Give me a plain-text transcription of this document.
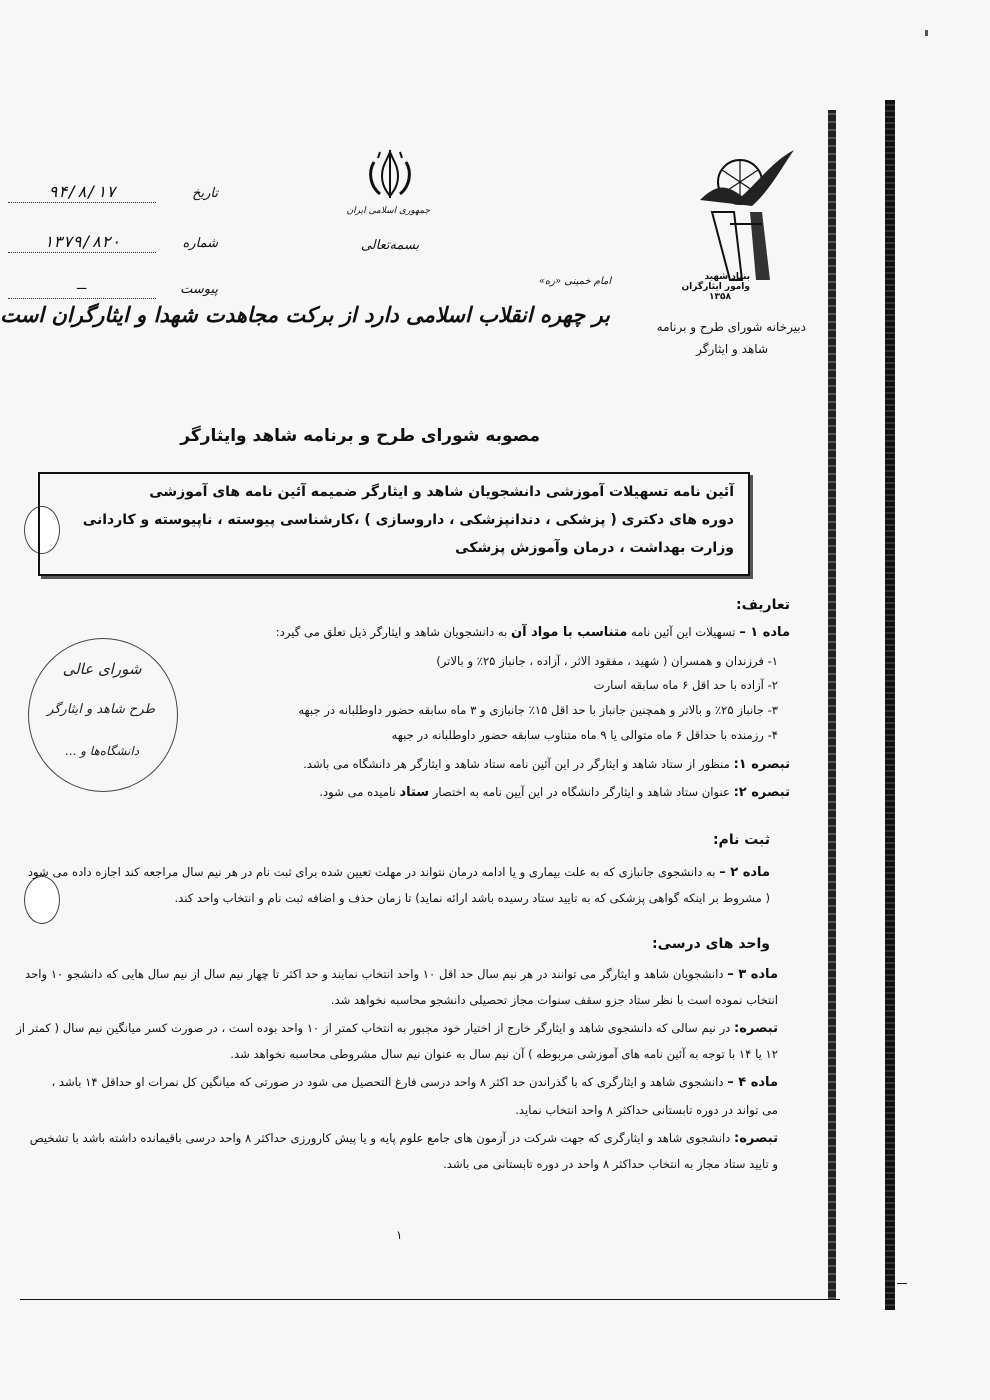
تاریخ
۹۴/۸/۱۷
شماره
۱۳۷۹/۸۲۰
پیوست
—
جمهوری اسلامی ایران
بسمه‌تعالی
امام خمینی «ره»
بر چهره انقلاب اسلامی دارد از برکت مجاهدت شهدا و ایثارگران است
بنیاد شهید
وامور ایثارگران
۱۳۵۸
دبیرخانه شورای طرح و برنامه
شاهد و ایثارگر
مصوبه شورای طرح و برنامه شاهد وایثارگر
آئین نامه تسهیلات آموزشی دانشجویان شاهد و ایثارگر ضمیمه آئین نامه های آموزشی
دوره های دکتری ( پزشکی ، دندانپزشکی ، داروسازی ) ،کارشناسی پیوسته ، ناپیوسته و کاردانی
وزارت بهداشت ، درمان وآموزش پزشکی
تعاریف:
ماده ۱ – تسهیلات این آئین نامه متناسب با مواد آن به دانشجویان شاهد و ایثارگر ذیل تعلق می گیرد:
۱- فرزندان و همسران ( شهید ، مفقود الاثر ، آزاده ، جانباز ۲۵٪ و بالاتر)
۲- آزاده با حد اقل ۶ ماه سابقه اسارت
۳- جانباز ۲۵٪ و بالاتر و همچنین جانباز با حد اقل ۱۵٪ جانبازی و ۳ ماه سابقه حضور داوطلبانه در جبهه
۴- رزمنده با حداقل ۶ ماه متوالی یا ۹ ماه متناوب سابقه حضور داوطلبانه در جبهه
تبصره ۱: منظور از ستاد شاهد و ایثارگر در این آئین نامه ستاد شاهد و ایثارگر هر دانشگاه می باشد.
تبصره ۲: عنوان ستاد شاهد و ایثارگر دانشگاه در این آیین نامه به اختصار ستاد نامیده می شود.
شورای عالی
طرح شاهد و ایثارگر
دانشگاه‌ها و ...
ثبت نام:
ماده ۲ – به دانشجوی جانبازی که به علت بیماری و یا ادامه درمان نتواند در مهلت تعیین شده برای ثبت نام در هر نیم سال مراجعه کند اجازه داده می شود
( مشروط بر اینکه گواهی پزشکی که به تایید ستاد رسیده باشد ارائه نماید) تا زمان حذف و اضافه ثبت نام و انتخاب واحد کند.
واحد های درسی:
ماده ۳ – دانشجویان شاهد و ایثارگر می توانند در هر نیم سال حد اقل ۱۰ واحد انتخاب نمایند و حد اکثر تا چهار نیم سال از نیم سال هایی که دانشجو ۱۰ واحد
انتخاب نموده است با نظر ستاد جزو سقف سنوات مجاز تحصیلی دانشجو محاسبه نخواهد شد.
تبصره: در نیم سالی که دانشجوی شاهد و ایثارگر خارج از اختیار خود مجبور به انتخاب کمتر از ۱۰ واحد بوده است ، در صورت کسر میانگین نیم سال ( کمتر از
۱۲ یا ۱۴ با توجه به آئین نامه های آموزشی مربوطه ) آن نیم سال به عنوان نیم سال مشروطی محاسبه نخواهد شد.
ماده ۴ – دانشجوی شاهد و ایثارگری که با گذراندن حد اکثر ۸ واحد درسی فارغ التحصیل می شود در صورتی که میانگین کل نمرات او حداقل ۱۴ باشد ،
می تواند در دوره تابستانی حداکثر ۸ واحد انتخاب نماید.
تبصره: دانشجوی شاهد و ایثارگری که جهت شرکت در آزمون های جامع علوم پایه و یا پیش کارورزی حداکثر ۸ واحد درسی باقیمانده داشته باشد با تشخیص
و تایید ستاد مجاز به انتخاب حداکثر ۸ واحد در دوره تابستانی می باشد.
۱
